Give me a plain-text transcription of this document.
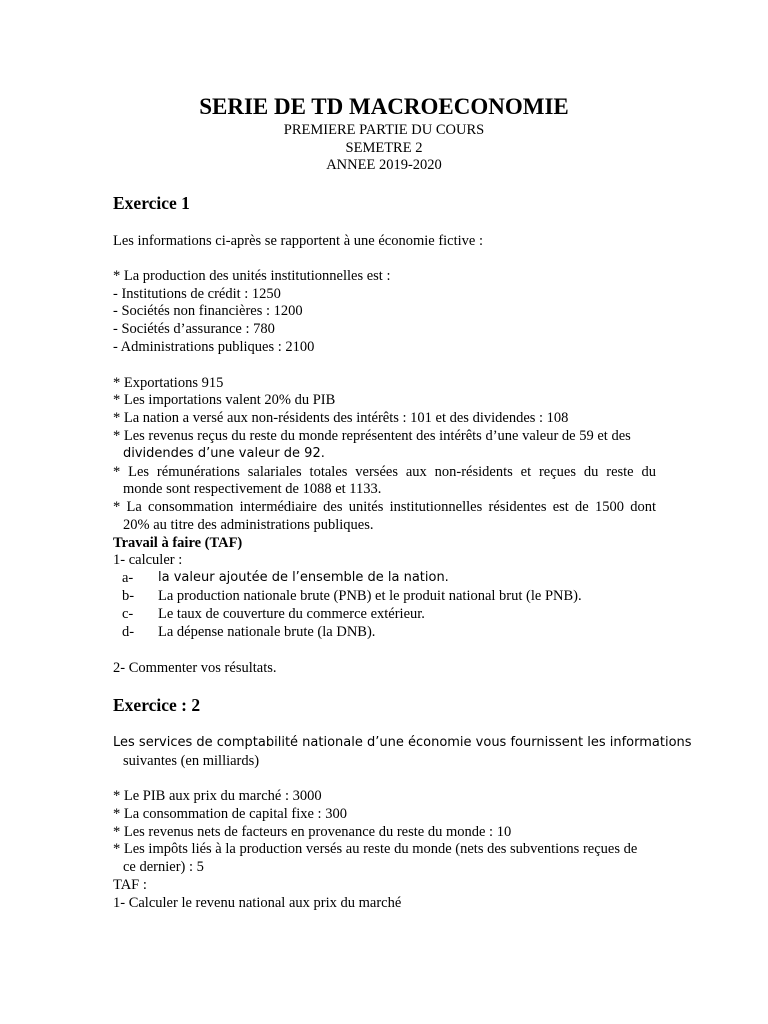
SERIE DE TD MACROECONOMIE
PREMIERE PARTIE DU COURS
SEMETRE 2
ANNEE 2019-2020
Exercice 1
Les informations ci-après se rapportent à une économie fictive :
* La production des unités institutionnelles est :
- Institutions de crédit : 1250
- Sociétés non financières : 1200
- Sociétés d’assurance : 780
- Administrations publiques : 2100
* Exportations 915
* Les importations valent 20% du PIB
* La nation a versé aux non-résidents des intérêts : 101 et des dividendes : 108
* Les revenus reçus du reste du monde représentent des intérêts d’une valeur de 59 et des
dividendes d’une valeur de 92.
* Les rémunérations salariales totales versées aux non-résidents et reçues du reste du
monde sont respectivement de 1088 et 1133.
* La consommation intermédiaire des unités institutionnelles résidentes est de 1500 dont
20% au titre des administrations publiques.
Travail à faire (TAF)
1- calculer :
a- la valeur ajoutée de l’ensemble de la nation.
b- La production nationale brute (PNB) et le produit national brut (le PNB).
c- Le taux de couverture du commerce extérieur.
d- La dépense nationale brute (la DNB).
2- Commenter vos résultats.
Exercice : 2
Les services de comptabilité nationale d’une économie vous fournissent les informations
suivantes (en milliards)
* Le PIB aux prix du marché : 3000
* La consommation de capital fixe : 300
* Les revenus nets de facteurs en provenance du reste du monde : 10
* Les impôts liés à la production versés au reste du monde (nets des subventions reçues de
ce dernier) : 5
TAF :
1- Calculer le revenu national aux prix du marché
